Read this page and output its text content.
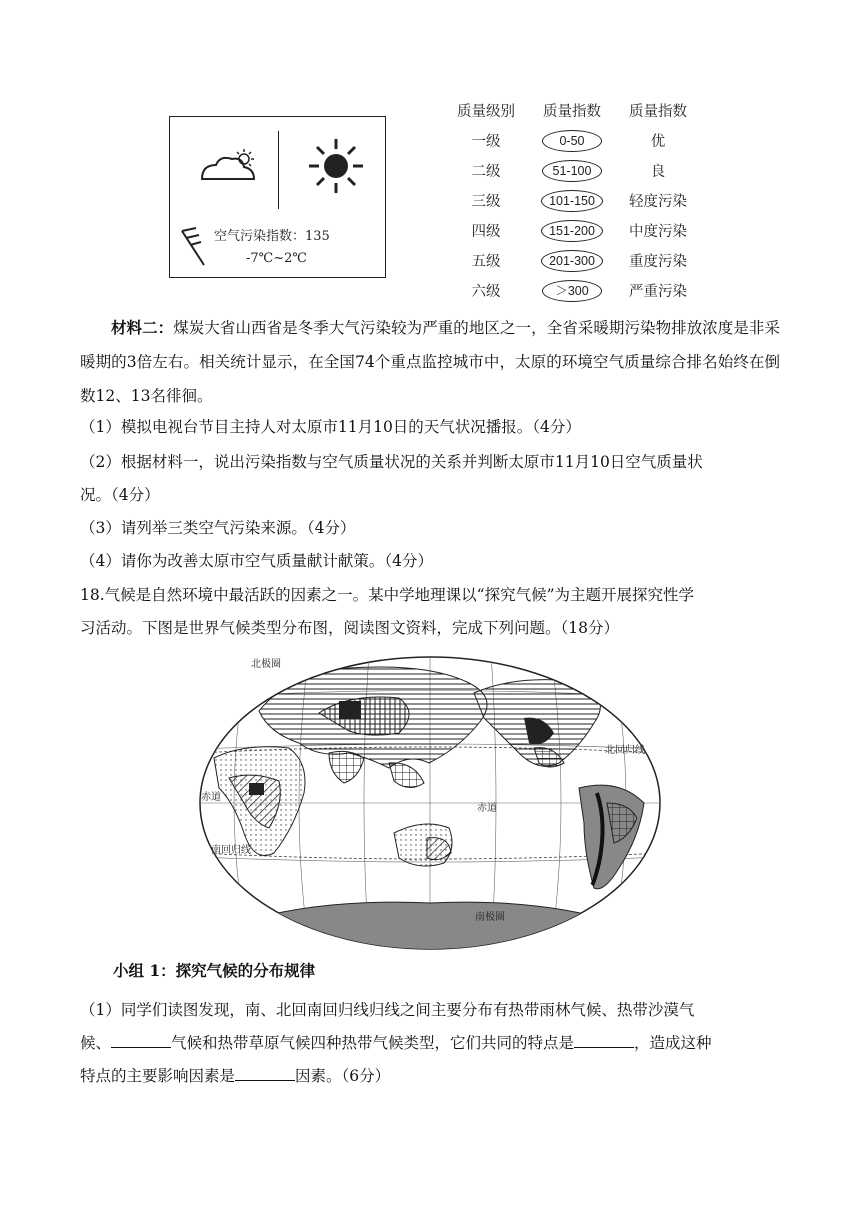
空气污染指数：135
-7℃~2℃
质量级别	质量指数	质量指数
一级	0-50	优
二级	51-100	良
三级	101-150	轻度污染
四级	151-200	中度污染
五级	201-300	重度污染
六级	＞300	严重污染
材料二：煤炭大省山西省是冬季大气污染较为严重的地区之一，全省采暖期污染物排放浓度是非采暖期的3倍左右。相关统计显示，在全国74个重点监控城市中，太原的环境空气质量综合排名始终在倒数12、13名徘徊。
（1）模拟电视台节目主持人对太原市11月10日的天气状况播报。（4分）
（2）根据材料一，说出污染指数与空气质量状况的关系并判断太原市11月10日空气质量状
况。（4分）
（3）请列举三类空气污染来源。（4分）
（4）请你为改善太原市空气质量献计献策。（4分）
18.气候是自然环境中最活跃的因素之一。某中学地理课以“探究气候”为主题开展探究性学
习活动。下图是世界气候类型分布图，阅读图文资料，完成下列问题。（18分）
北极圈
北回归线
赤道
赤道
南回归线
南极圈
小组 1：探究气候的分布规律
（1）同学们读图发现，南、北回南回归线归线之间主要分布有热带雨林气候、热带沙漠气
候、	气候和热带草原气候四种热带气候类型，它们共同的特点是	，造成这种
特点的主要影响因素是	因素。（6分）
